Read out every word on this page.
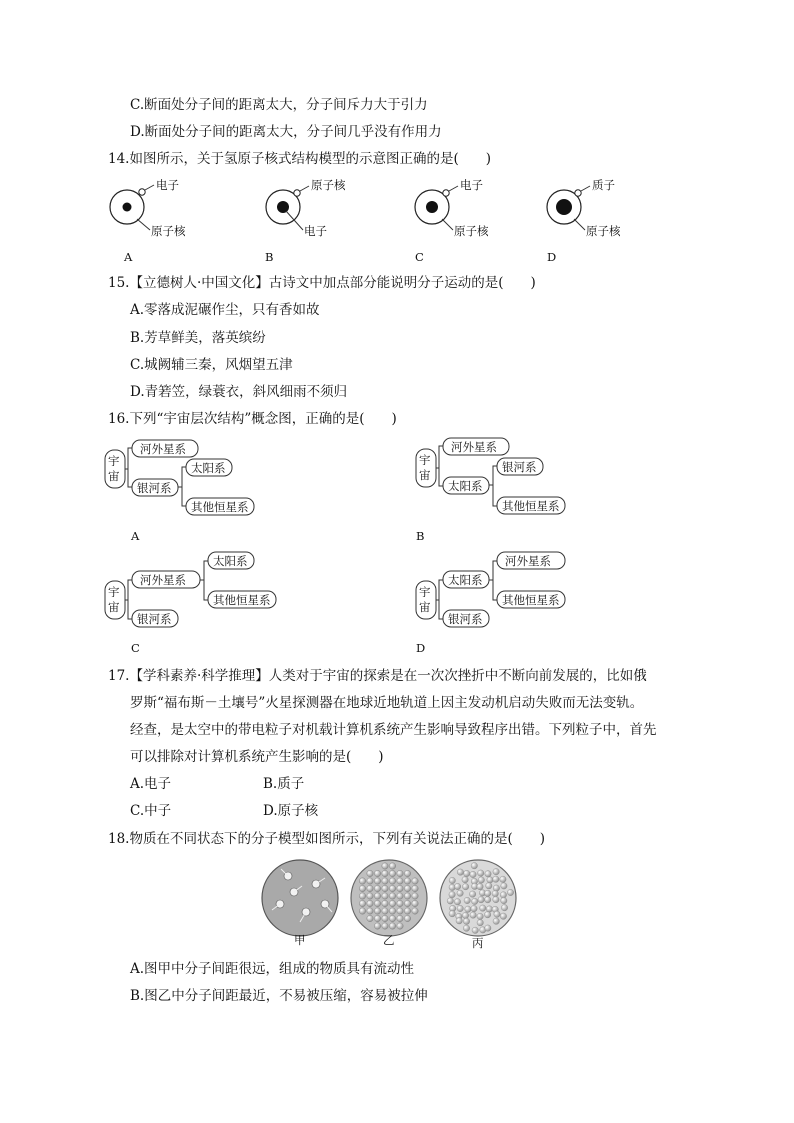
C.断面处分子间的距离太大，分子间斥力大于引力
D.断面处分子间的距离太大，分子间几乎没有作用力
14.如图所示，关于氢原子核式结构模型的示意图正确的是(　　)
电子
原子核
原子核
电子
电子
原子核
质子
原子核
A	B	C	D
15.【立德树人·中国文化】古诗文中加点部分能说明分子运动的是(　　)
A.零落成泥碾作尘，只有香如故
B.芳草鲜美，落英缤纷
C.城阙辅三秦，风烟望五津
D.青箬笠，绿蓑衣，斜风细雨不须归
16.下列“宇宙层次结构”概念图，正确的是(　　)
宇
宙
河外星系
银河系
太阳系
其他恒星系
A
宇
宙
河外星系
太阳系
银河系
其他恒星系
B
宇
宙
河外星系
银河系
太阳系
其他恒星系
C
宇
宙
太阳系
银河系
河外星系
其他恒星系
D
17.【学科素养·科学推理】人类对于宇宙的探索是在一次次挫折中不断向前发展的，比如俄
罗斯“福布斯－土壤号”火星探测器在地球近地轨道上因主发动机启动失败而无法变轨。
经查，是太空中的带电粒子对机载计算机系统产生影响导致程序出错。下列粒子中，首先
可以排除对计算机系统产生影响的是(　　)
A.电子	B.质子
C.中子	D.原子核
18.物质在不同状态下的分子模型如图所示，下列有关说法正确的是(　　)
甲	乙	丙
A.图甲中分子间距很远，组成的物质具有流动性
B.图乙中分子间距最近，不易被压缩，容易被拉伸
